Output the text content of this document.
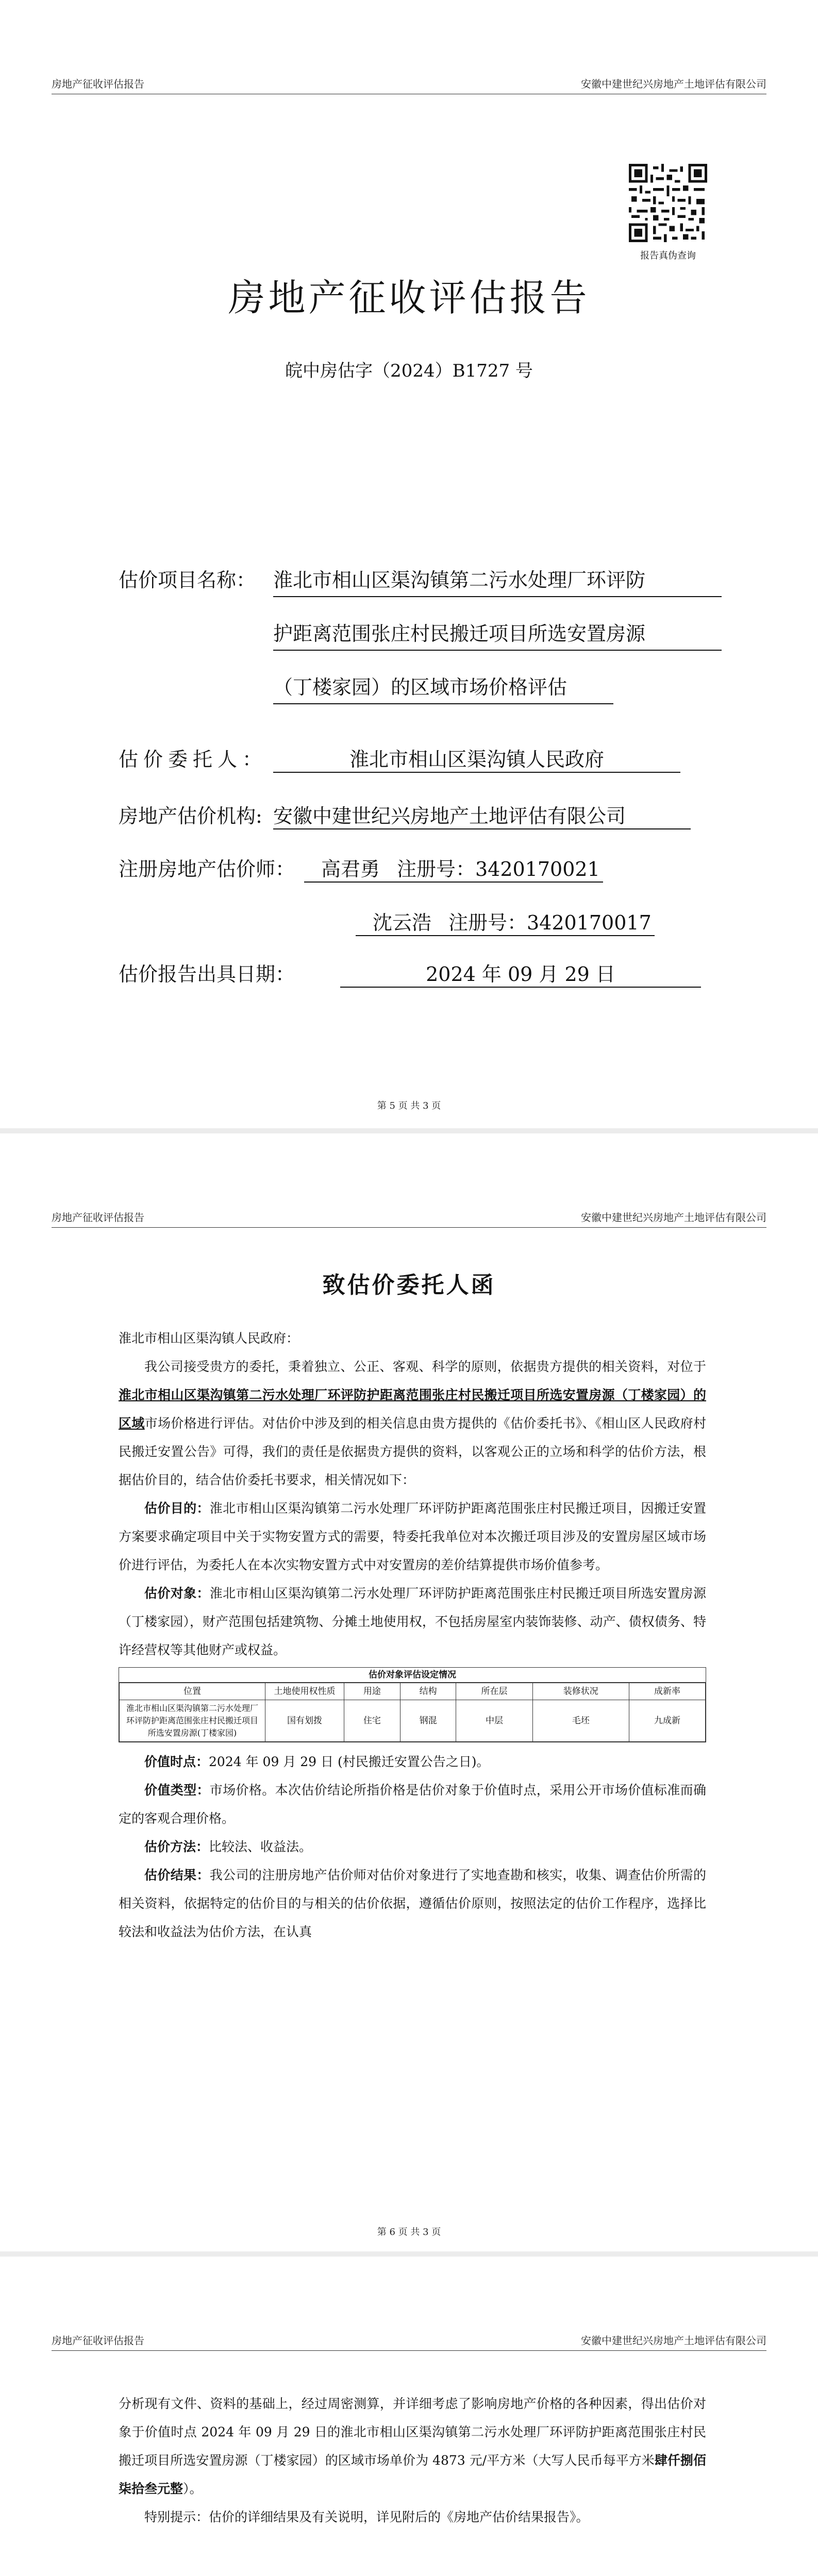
房地产征收评估报告	安徽中建世纪兴房地产土地评估有限公司
报告真伪查询
房地产征收评估报告
皖中房估字（2024）B1727 号
估价项目名称： 淮北市相山区渠沟镇第二污水处理厂环评防
护距离范围张庄村民搬迁项目所选安置房源
（丁楼家园）的区域市场价格评估
估价委托人：	淮北市相山区渠沟镇人民政府
房地产估价机构: 安徽中建世纪兴房地产土地评估有限公司
注册房地产估价师：	高君勇 注册号：3420170021
沈云浩 注册号：3420170017
估价报告出具日期：	2024 年 09 月 29 日
第 5 页 共 3 页
房地产征收评估报告	安徽中建世纪兴房地产土地评估有限公司
致估价委托人函

淮北市相山区渠沟镇人民政府：

我公司接受贵方的委托，秉着独立、公正、客观、科学的原则，依据贵方提供的相关资料，对位于淮北市相山区渠沟镇第二污水处理厂环评防护距离范围张庄村民搬迁项目所选安置房源（丁楼家园）的区域市场价格进行评估。对估价中涉及到的相关信息由贵方提供的《估价委托书》、《相山区人民政府村民搬迁安置公告》可得，我们的责任是依据贵方提供的资料，以客观公正的立场和科学的估价方法，根据估价目的，结合估价委托书要求，相关情况如下：

估价目的：淮北市相山区渠沟镇第二污水处理厂环评防护距离范围张庄村民搬迁项目，因搬迁安置方案要求确定项目中关于实物安置方式的需要，特委托我单位对本次搬迁项目涉及的安置房屋区域市场价进行评估，为委托人在本次实物安置方式中对安置房的差价结算提供市场价值参考。

估价对象：淮北市相山区渠沟镇第二污水处理厂环评防护距离范围张庄村民搬迁项目所选安置房源（丁楼家园），财产范围包括建筑物、分摊土地使用权，不包括房屋室内装饰装修、动产、债权债务、特许经营权等其他财产或权益。

估价对象评估设定情况
位置	土地使用权性质	用途	结构	所在层	装修状况	成新率
淮北市相山区渠沟镇第二污水处理厂环评防护距离范围张庄村民搬迁项目所选安置房源(丁楼家园)	国有划拨	住宅	钢混	中层	毛坯	九成新

价值时点：2024 年 09 月 29 日 (村民搬迁安置公告之日)。

价值类型：市场价格。本次估价结论所指价格是估价对象于价值时点，采用公开市场价值标准而确定的客观合理价格。

估价方法：比较法、收益法。

估价结果：我公司的注册房地产估价师对估价对象进行了实地查勘和核实，收集、调查估价所需的相关资料，依据特定的估价目的与相关的估价依据，遵循估价原则，按照法定的估价工作程序，选择比较法和收益法为估价方法，在认真

第 6 页 共 3 页
房地产征收评估报告	安徽中建世纪兴房地产土地评估有限公司

分析现有文件、资料的基础上，经过周密测算，并详细考虑了影响房地产价格的各种因素，得出估价对象于价值时点 2024 年 09 月 29 日的淮北市相山区渠沟镇第二污水处理厂环评防护距离范围张庄村民搬迁项目所选安置房源（丁楼家园）的区域市场单价为 4873 元/平方米（大写人民币每平方米肆仟捌佰柒拾叁元整）。

特别提示：估价的详细结果及有关说明，详见附后的《房地产估价结果报告》。
